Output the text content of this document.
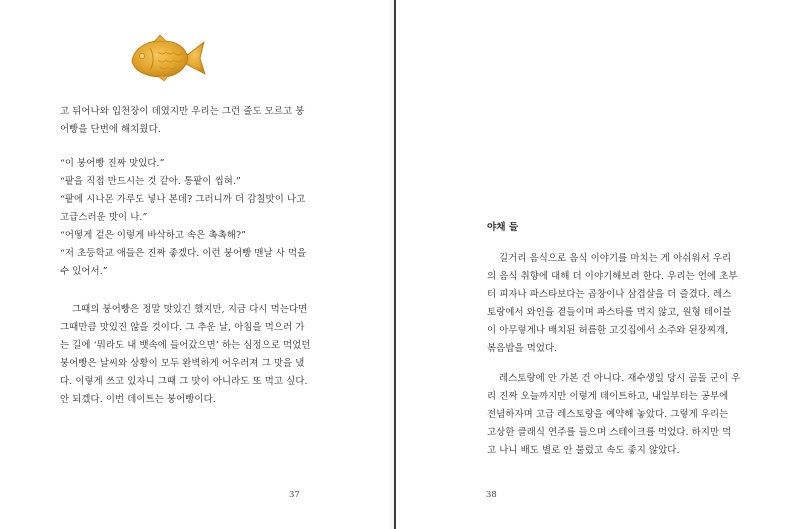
고 뒤어나와 입천장이 데였지만 우리는 그런 줄도 모르고 붕
어빵을 단번에 해치웠다.
“이 붕어빵 진짜 맛있다.”
“팥을 직접 만드시는 것 같아. 통팥이 씹혀.”
“팥에 시나몬 가루도 넣나 본데? 그러니까 더 감칠맛이 나고
고급스러운 맛이 나.”
“어떻게 겉은 이렇게 바삭하고 속은 촉촉해?”
“저 초등학교 애들은 진짜 좋겠다. 이런 붕어빵 맨날 사 먹을
수 있어서.”
그때의 붕어빵은 정말 맛있긴 했지만, 지금 다시 먹는다면
그때만큼 맛있진 않을 것이다. 그 추운 날, 아침을 먹으러 가
는 길에 ‘뭐라도 내 뱃속에 들어갔으면’ 하는 심정으로 먹었던
붕어빵은 날씨와 상황이 모두 완벽하게 어우러져 그 맛을 냈
다. 이렇게 쓰고 있자니 그때 그 맛이 아니라도 또 먹고 싶다.
안 되겠다. 이번 데이트는 붕어빵이다.
37
야채 들
길거리 음식으로 음식 이야기를 마치는 게 아쉬워서 우리
의 음식 취향에 대해 더 이야기해보려 한다. 우리는 언에 초부
터 피자나 파스타보다는 곱창이나 삼겹살을 더 즐겼다. 레스
토랑에서 와인을 곁들이며 파스타를 먹지 않고, 원형 테이블
이 아무렇게나 배치된 허름한 고깃집에서 소주와 된장찌개,
볶음밥을 먹었다.
레스토랑에 안 가본 건 아니다. 재수생일 당시 곰돌 군이 우
리 진짜 오늘까지만 이렇게 데이트하고, 내일부터는 공부에
전념하자며 고급 레스토랑을 예약해 놓았다. 그렇게 우리는
고상한 클래식 연주를 들으며 스테이크를 먹었다. 하지만 먹
고 나니 배도 별로 안 불렀고 속도 좋지 않았다.
38
